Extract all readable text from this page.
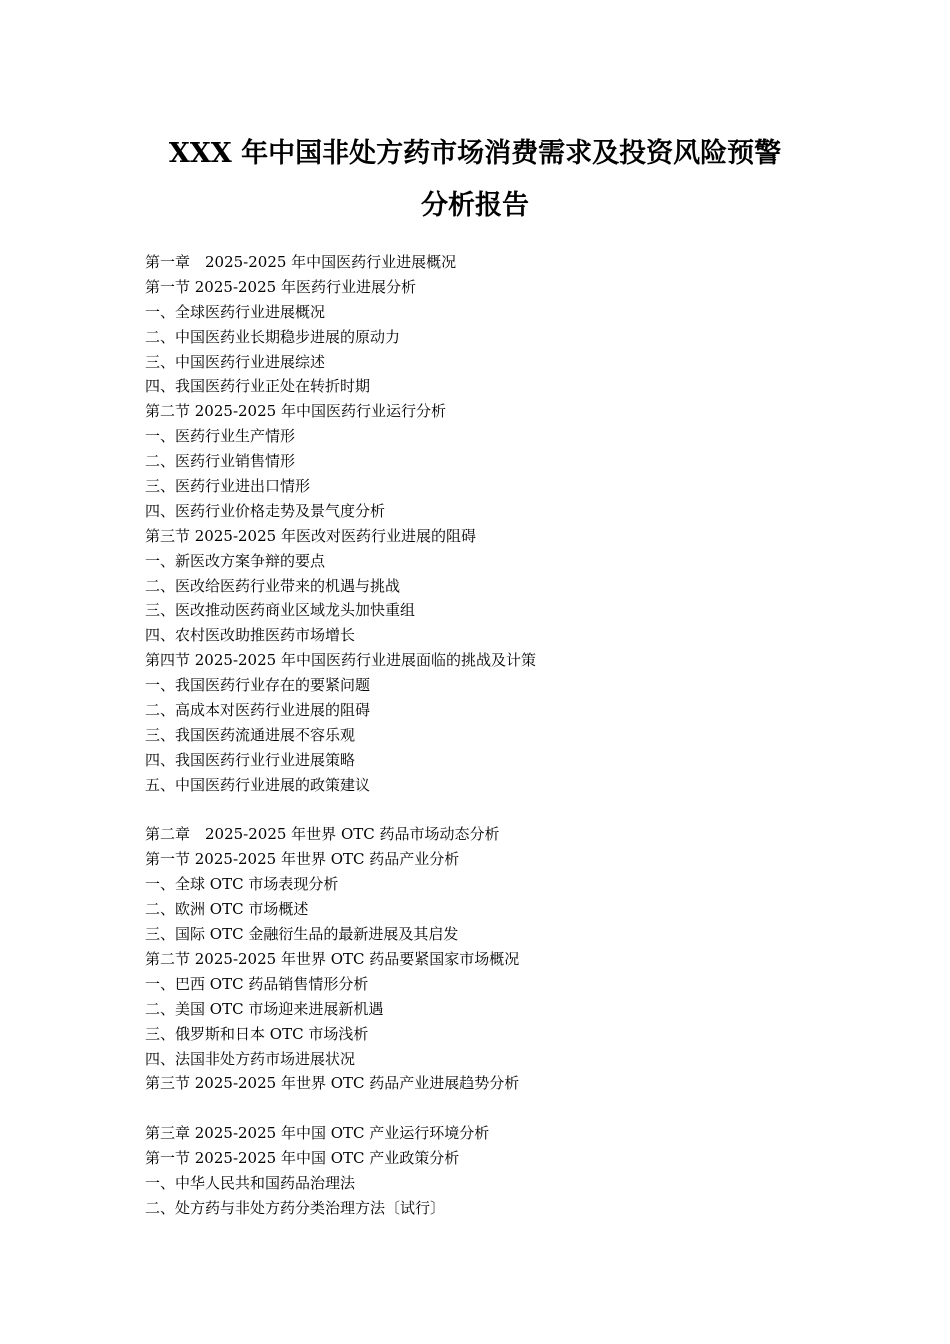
XXX 年中国非处方药市场消费需求及投资风险预警
分析报告
第一章　2025-2025 年中国医药行业进展概况
第一节 2025-2025 年医药行业进展分析
一、全球医药行业进展概况
二、中国医药业长期稳步进展的原动力
三、中国医药行业进展综述
四、我国医药行业正处在转折时期
第二节 2025-2025 年中国医药行业运行分析
一、医药行业生产情形
二、医药行业销售情形
三、医药行业进出口情形
四、医药行业价格走势及景气度分析
第三节 2025-2025 年医改对医药行业进展的阻碍
一、新医改方案争辩的要点
二、医改给医药行业带来的机遇与挑战
三、医改推动医药商业区域龙头加快重组
四、农村医改助推医药市场增长
第四节 2025-2025 年中国医药行业进展面临的挑战及计策
一、我国医药行业存在的要紧问题
二、高成本对医药行业进展的阻碍
三、我国医药流通进展不容乐观
四、我国医药行业行业进展策略
五、中国医药行业进展的政策建议
第二章　2025-2025 年世界 OTC 药品市场动态分析
第一节 2025-2025 年世界 OTC 药品产业分析
一、全球 OTC 市场表现分析
二、欧洲 OTC 市场概述
三、国际 OTC 金融衍生品的最新进展及其启发
第二节 2025-2025 年世界 OTC 药品要紧国家市场概况
一、巴西 OTC 药品销售情形分析
二、美国 OTC 市场迎来进展新机遇
三、俄罗斯和日本 OTC 市场浅析
四、法国非处方药市场进展状况
第三节 2025-2025 年世界 OTC 药品产业进展趋势分析
第三章 2025-2025 年中国 OTC 产业运行环境分析
第一节 2025-2025 年中国 OTC 产业政策分析
一、中华人民共和国药品治理法
二、处方药与非处方药分类治理方法〔试行〕
